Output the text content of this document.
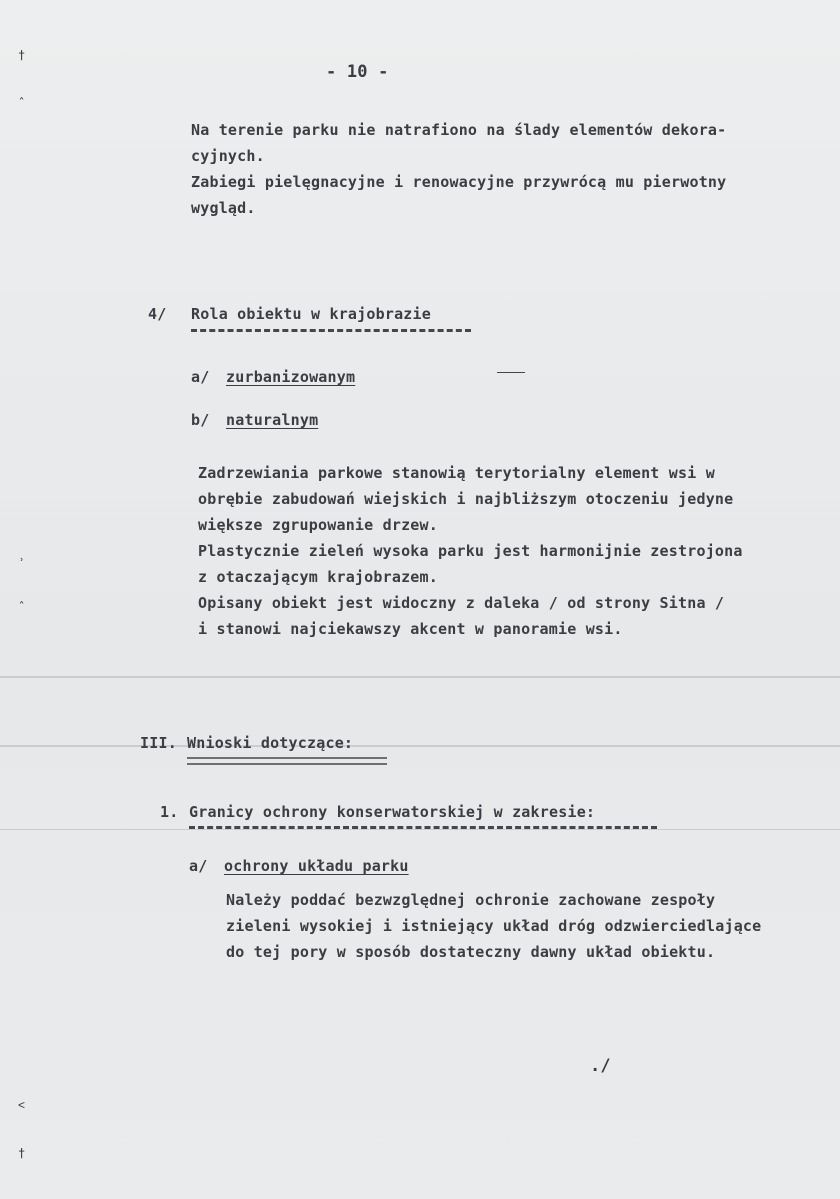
†
ˆ
˒
ˆ
˂
†
- 10 -
Na terenie parku nie natrafiono na ślady elementów dekora-
cyjnych.
Zabiegi pielęgnacyjne i renowacyjne przywrócą mu pierwotny
wygląd.
4/ Rola obiektu w krajobrazie
a/ zurbanizowanym
b/ naturalnym
Zadrzewiania parkowe stanowią terytorialny element wsi w
obrębie zabudowań wiejskich i najbliższym otoczeniu jedyne
większe zgrupowanie drzew.
Plastycznie zieleń wysoka parku jest harmonijnie zestrojona
z otaczającym krajobrazem.
Opisany obiekt jest widoczny z daleka / od strony Sitna /
i stanowi najciekawszy akcent w panoramie wsi.
III. Wnioski dotyczące:
1. Granicy ochrony konserwatorskiej w zakresie:
a/ ochrony układu parku
Należy poddać bezwzględnej ochronie zachowane zespoły
zieleni wysokiej i istniejący układ dróg odzwierciedlające
do tej pory w sposób dostateczny dawny układ obiektu.
./
